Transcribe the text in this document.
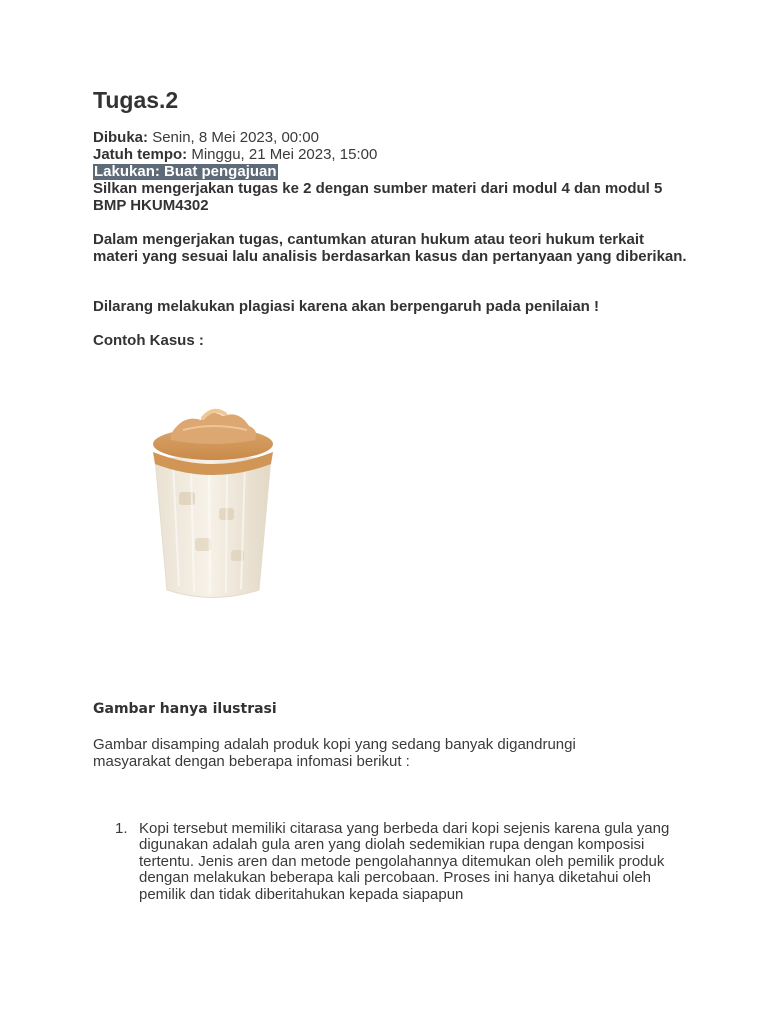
Tugas.2
Dibuka: Senin, 8 Mei 2023, 00:00
Jatuh tempo: Minggu, 21 Mei 2023, 15:00
Lakukan: Buat pengajuan

Silkan mengerjakan tugas ke 2 dengan sumber materi dari modul 4 dan modul 5 BMP HKUM4302

Dalam mengerjakan tugas, cantumkan aturan hukum atau teori hukum terkait materi yang sesuai lalu analisis berdasarkan kasus dan pertanyaan yang diberikan.

Dilarang melakukan plagiasi karena akan berpengaruh pada penilaian !

Contoh Kasus :

Gambar hanya ilustrasi

Gambar disamping adalah produk kopi yang sedang banyak digandrungi masyarakat dengan beberapa infomasi berikut :

1. Kopi tersebut memiliki citarasa yang berbeda dari kopi sejenis karena gula yang digunakan adalah gula aren yang diolah sedemikian rupa dengan komposisi tertentu. Jenis aren dan metode pengolahannya ditemukan oleh pemilik produk dengan melakukan beberapa kali percobaan. Proses ini hanya diketahui oleh pemilik dan tidak diberitahukan kepada siapapun
